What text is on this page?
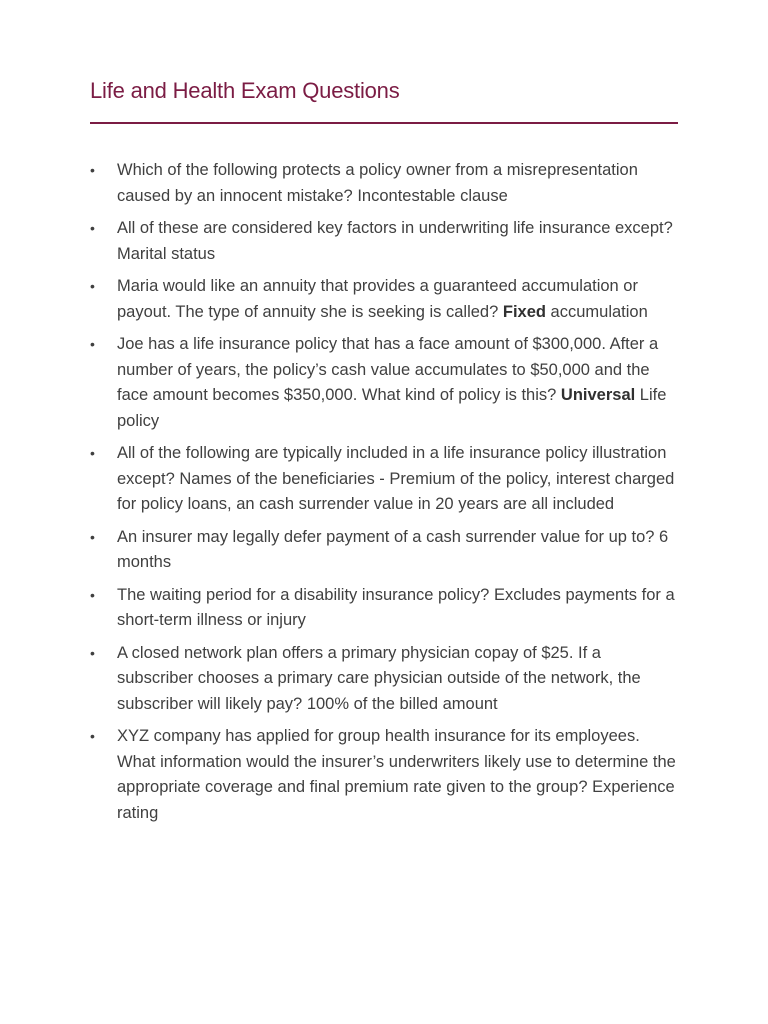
Life and Health Exam Questions
•	Which of the following protects a policy owner from a misrepresentation caused by an innocent mistake? Incontestable clause
•	All of these are considered key factors in underwriting life insurance except? Marital status
•	Maria would like an annuity that provides a guaranteed accumulation or payout. The type of annuity she is seeking is called? Fixed accumulation
•	Joe has a life insurance policy that has a face amount of $300,000. After a number of years, the policy’s cash value accumulates to $50,000 and the face amount becomes $350,000. What kind of policy is this? Universal Life policy
•	All of the following are typically included in a life insurance policy illustration except? Names of the beneficiaries - Premium of the policy, interest charged for policy loans, an cash surrender value in 20 years are all included
•	An insurer may legally defer payment of a cash surrender value for up to? 6 months
•	The waiting period for a disability insurance policy? Excludes payments for a short-term illness or injury
•	A closed network plan offers a primary physician copay of $25. If a subscriber chooses a primary care physician outside of the network, the subscriber will likely pay? 100% of the billed amount
•	XYZ company has applied for group health insurance for its employees. What information would the insurer’s underwriters likely use to determine the appropriate coverage and final premium rate given to the group? Experience rating
